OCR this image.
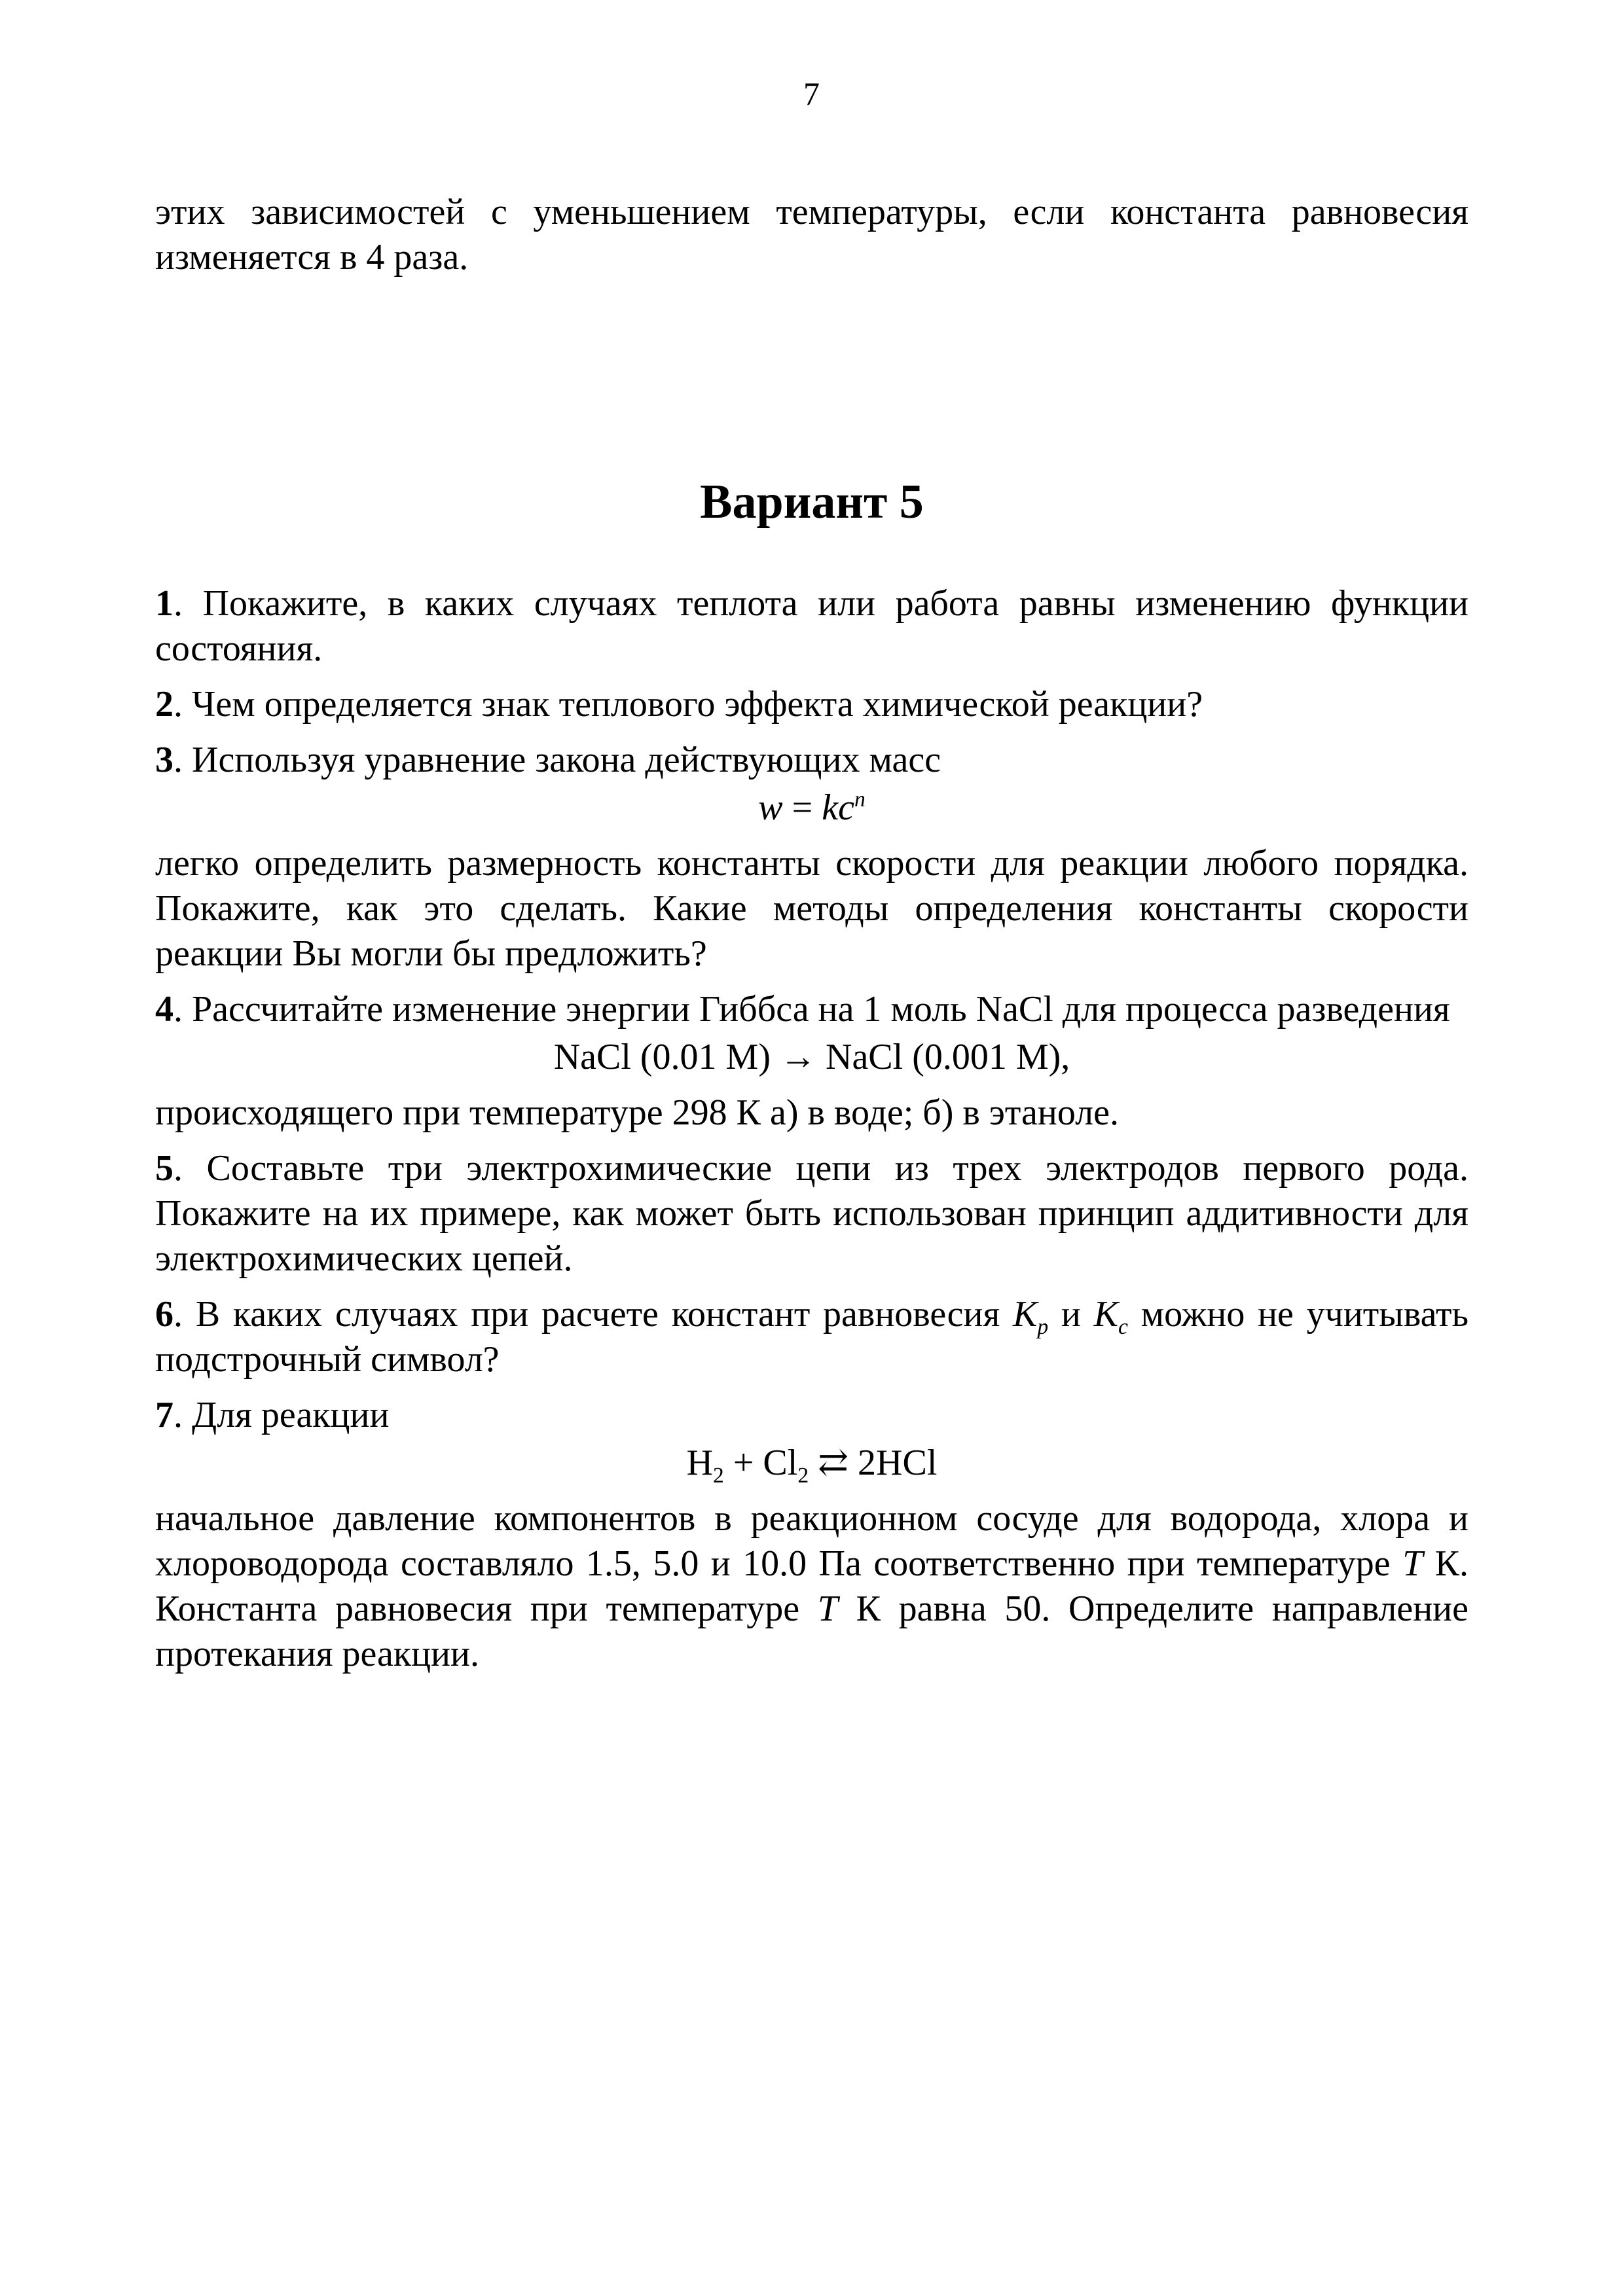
7

этих зависимостей с уменьшением температуры, если константа равновесия изменяется в 4 раза.

Вариант 5

1. Покажите, в каких случаях теплота или работа равны изменению функции состояния.

2. Чем определяется знак теплового эффекта химической реакции?

3. Используя уравнение закона действующих масс

$w = kc^n$

легко определить размерность константы скорости для реакции любого порядка. Покажите, как это сделать. Какие методы определения константы скорости реакции Вы могли бы предложить?

4. Рассчитайте изменение энергии Гиббса на 1 моль NaCl для процесса разведения

NaCl (0.01 M) → NaCl (0.001 M),

происходящего при температуре 298 К а) в воде; б) в этаноле.

5. Составьте три электрохимические цепи из трех электродов первого рода. Покажите на их примере, как может быть использован принцип аддитивности для электрохимических цепей.

6. В каких случаях при расчете констант равновесия $K_p$ и $K_c$ можно не учитывать подстрочный символ?

7. Для реакции

$H_2 + Cl_2$ ⇄ 2HCl

начальное давление компонентов в реакционном сосуде для водорода, хлора и хлороводорода составляло 1.5, 5.0 и 10.0 Па соответственно при температуре T К. Константа равновесия при температуре T К равна 50. Определите направление протекания реакции.
